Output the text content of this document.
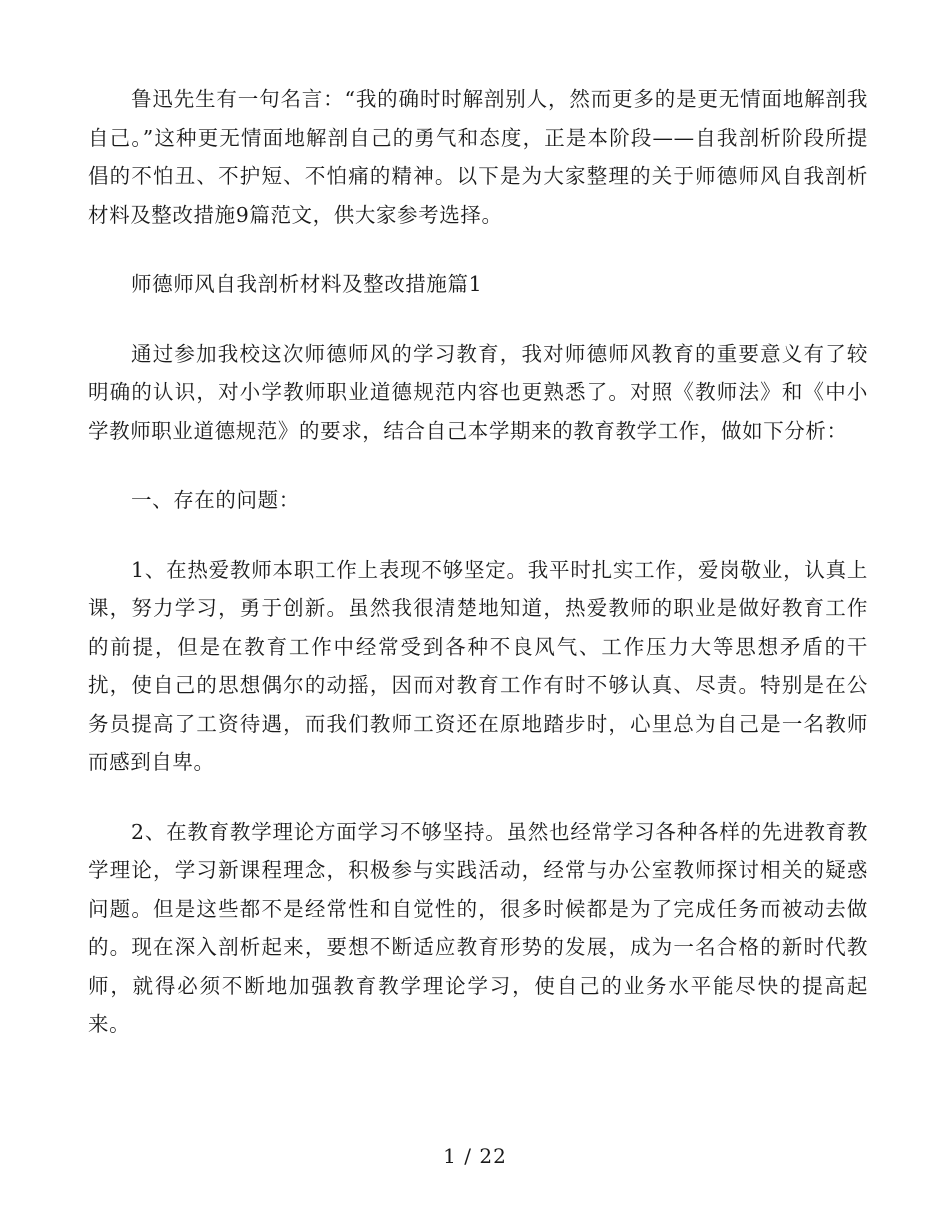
鲁迅先生有一句名言：“我的确时时解剖别人，然而更多的是更无情面地解剖我自己。”这种更无情面地解剖自己的勇气和态度，正是本阶段——自我剖析阶段所提倡的不怕丑、不护短、不怕痛的精神。以下是为大家整理的关于师德师风自我剖析材料及整改措施9篇范文，供大家参考选择。

师德师风自我剖析材料及整改措施篇1

通过参加我校这次师德师风的学习教育，我对师德师风教育的重要意义有了较明确的认识，对小学教师职业道德规范内容也更熟悉了。对照《教师法》和《中小学教师职业道德规范》的要求，结合自己本学期来的教育教学工作，做如下分析：

一、存在的问题：

1、在热爱教师本职工作上表现不够坚定。我平时扎实工作，爱岗敬业，认真上课，努力学习，勇于创新。虽然我很清楚地知道，热爱教师的职业是做好教育工作的前提，但是在教育工作中经常受到各种不良风气、工作压力大等思想矛盾的干扰，使自己的思想偶尔的动摇，因而对教育工作有时不够认真、尽责。特别是在公务员提高了工资待遇，而我们教师工资还在原地踏步时，心里总为自己是一名教师而感到自卑。

2、在教育教学理论方面学习不够坚持。虽然也经常学习各种各样的先进教育教学理论，学习新课程理念，积极参与实践活动，经常与办公室教师探讨相关的疑惑问题。但是这些都不是经常性和自觉性的，很多时候都是为了完成任务而被动去做的。现在深入剖析起来，要想不断适应教育形势的发展，成为一名合格的新时代教师，就得必须不断地加强教育教学理论学习，使自己的业务水平能尽快的提高起来。

1 / 22
